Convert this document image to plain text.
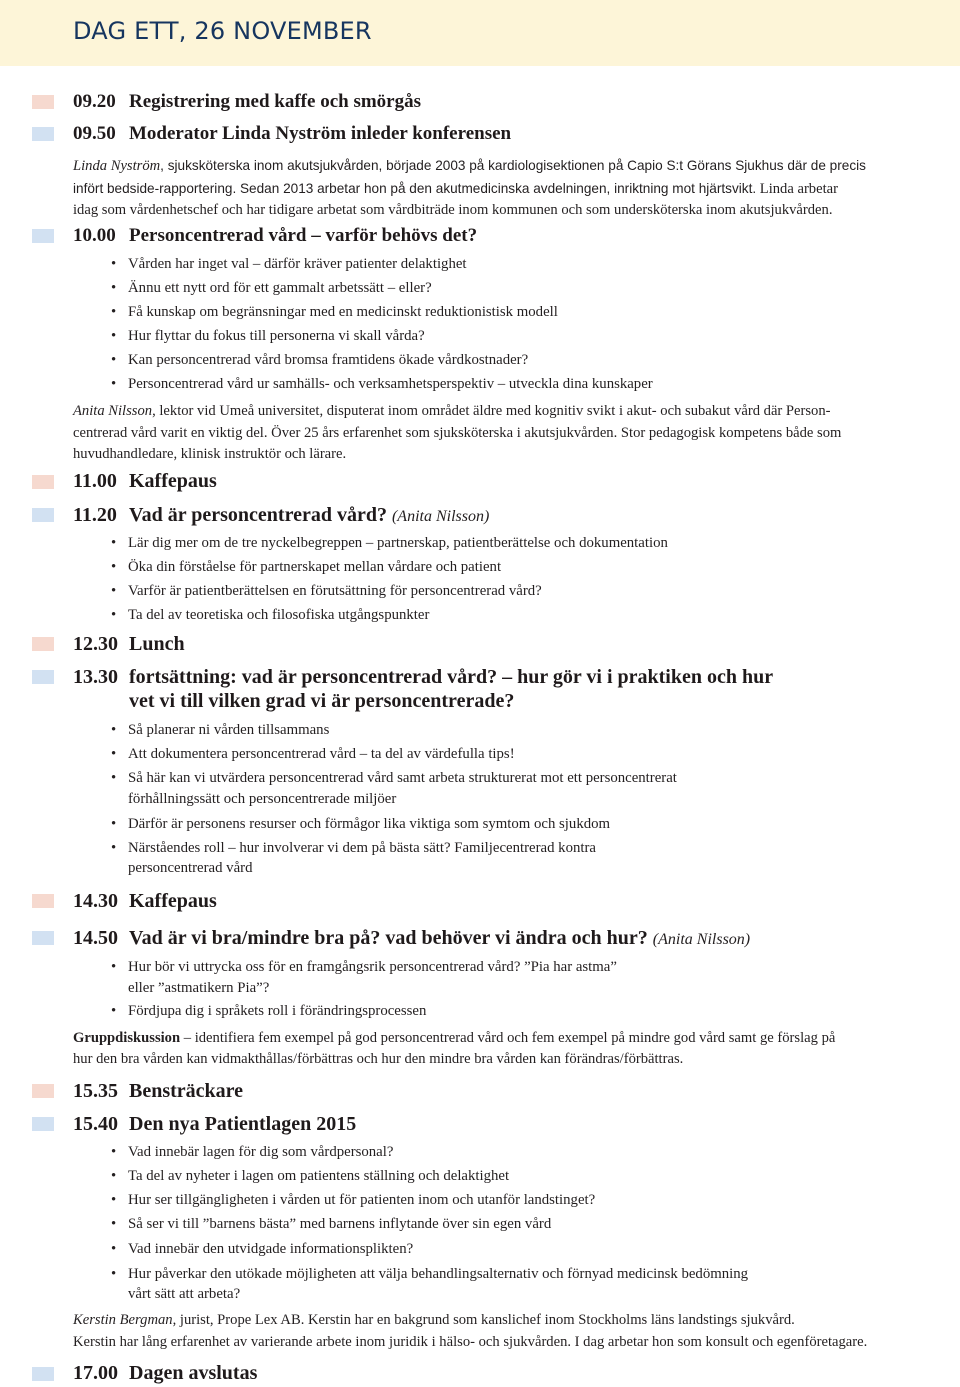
DAG ETT, 26 NOVEMBER
09.20 Registrering med kaffe och smörgås
09.50 Moderator Linda Nyström inleder konferensen
Linda Nyström, sjuksköterska inom akutsjukvården, började 2003 på kardiologisektionen på Capio S:t Görans Sjukhus där de precis
infört bedside-rapportering. Sedan 2013 arbetar hon på den akutmedicinska avdelningen, inriktning mot hjärtsvikt. Linda arbetar
idag som vårdenhetschef och har tidigare arbetat som vårdbiträde inom kommunen och som undersköterska inom akutsjukvården.
10.00 Personcentrerad vård – varför behövs det?
• Vården har inget val – därför kräver patienter delaktighet
• Ännu ett nytt ord för ett gammalt arbetssätt – eller?
• Få kunskap om begränsningar med en medicinskt reduktionistisk modell
• Hur flyttar du fokus till personerna vi skall vårda?
• Kan personcentrerad vård bromsa framtidens ökade vårdkostnader?
• Personcentrerad vård ur samhälls- och verksamhetsperspektiv – utveckla dina kunskaper
Anita Nilsson, lektor vid Umeå universitet, disputerat inom området äldre med kognitiv svikt i akut- och subakut vård där Person-
centrerad vård varit en viktig del. Över 25 års erfarenhet som sjuksköterska i akutsjukvården. Stor pedagogisk kompetens både som
huvudhandledare, klinisk instruktör och lärare.
11.00 Kaffepaus
11.20 Vad är personcentrerad vård? (Anita Nilsson)
• Lär dig mer om de tre nyckelbegreppen – partnerskap, patientberättelse och dokumentation
• Öka din förståelse för partnerskapet mellan vårdare och patient
• Varför är patientberättelsen en förutsättning för personcentrerad vård?
• Ta del av teoretiska och filosofiska utgångspunkter
12.30 Lunch
13.30 fortsättning: vad är personcentrerad vård? – hur gör vi i praktiken och hur
vet vi till vilken grad vi är personcentrerade?
• Så planerar ni vården tillsammans
• Att dokumentera personcentrerad vård – ta del av värdefulla tips!
• Så här kan vi utvärdera personcentrerad vård samt arbeta strukturerat mot ett personcentrerat
förhållningssätt och personcentrerade miljöer
• Därför är personens resurser och förmågor lika viktiga som symtom och sjukdom
• Närståendes roll – hur involverar vi dem på bästa sätt? Familjecentrerad kontra
personcentrerad vård
14.30 Kaffepaus
14.50 Vad är vi bra/mindre bra på? vad behöver vi ändra och hur? (Anita Nilsson)
• Hur bör vi uttrycka oss för en framgångsrik personcentrerad vård? ”Pia har astma”
eller ”astmatikern Pia”?
• Fördjupa dig i språkets roll i förändringsprocessen
Gruppdiskussion – identifiera fem exempel på god personcentrerad vård och fem exempel på mindre god vård samt ge förslag på
hur den bra vården kan vidmakthållas/förbättras och hur den mindre bra vården kan förändras/förbättras.
15.35 Bensträckare
15.40 Den nya Patientlagen 2015
• Vad innebär lagen för dig som vårdpersonal?
• Ta del av nyheter i lagen om patientens ställning och delaktighet
• Hur ser tillgängligheten i vården ut för patienten inom och utanför landstinget?
• Så ser vi till ”barnens bästa” med barnens inflytande över sin egen vård
• Vad innebär den utvidgade informationsplikten?
• Hur påverkar den utökade möjligheten att välja behandlingsalternativ och förnyad medicinsk bedömning
vårt sätt att arbeta?
Kerstin Bergman, jurist, Prope Lex AB. Kerstin har en bakgrund som kanslichef inom Stockholms läns landstings sjukvård.
Kerstin har lång erfarenhet av varierande arbete inom juridik i hälso- och sjukvården. I dag arbetar hon som konsult och egenföretagare.
17.00 Dagen avslutas
